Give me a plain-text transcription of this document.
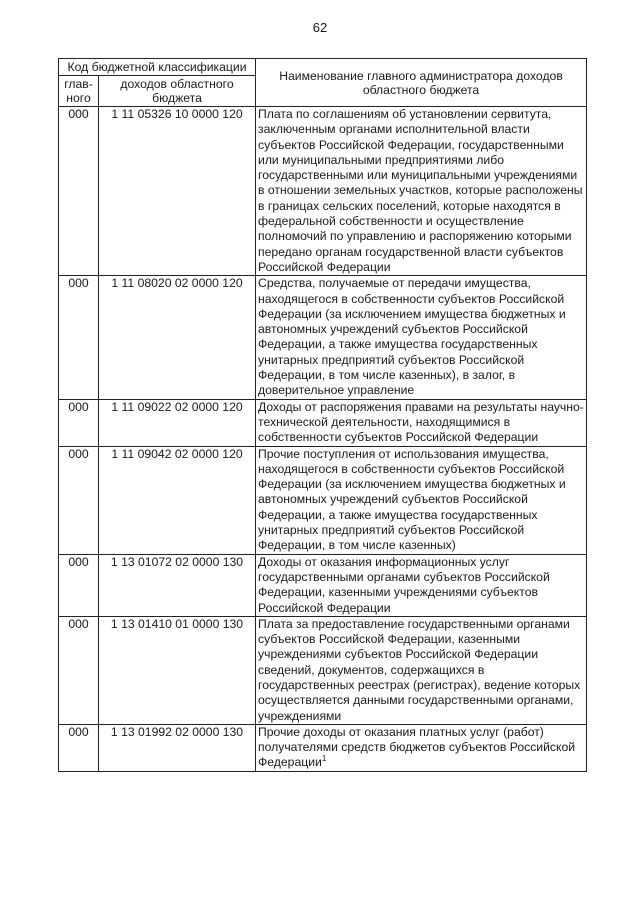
62
Код бюджетной классификации		Наименование главного администратора доходов областного бюджета
глав-ного	доходов областного бюджета	
000	1 11 05326 10 0000 120	Плата по соглашениям об установлении сервитута, заключенным органами исполнительной власти субъектов Российской Федерации, государственными или муниципальными предприятиями либо государственными или муниципальными учреждениями в отношении земельных участков, которые расположены в границах сельских поселений, которые находятся в федеральной собственности и осуществление полномочий по управлению и распоряжению которыми передано органам государственной власти субъектов Российской Федерации
000	1 11 08020 02 0000 120	Средства, получаемые от передачи имущества, находящегося в собственности субъектов Российской Федерации (за исключением имущества бюджетных и автономных учреждений субъектов Российской Федерации, а также имущества государственных унитарных предприятий субъектов Российской Федерации, в том числе казенных), в залог, в доверительное управление
000	1 11 09022 02 0000 120	Доходы от распоряжения правами на результаты научно-технической деятельности, находящимися в собственности субъектов Российской Федерации
000	1 11 09042 02 0000 120	Прочие поступления от использования имущества, находящегося в собственности субъектов Российской Федерации (за исключением имущества бюджетных и автономных учреждений субъектов Российской Федерации, а также имущества государственных унитарных предприятий субъектов Российской Федерации, в том числе казенных)
000	1 13 01072 02 0000 130	Доходы от оказания информационных услуг государственными органами субъектов Российской Федерации, казенными учреждениями субъектов Российской Федерации
000	1 13 01410 01 0000 130	Плата за предоставление государственными органами субъектов Российской Федерации, казенными учреждениями субъектов Российской Федерации сведений, документов, содержащихся в государственных реестрах (регистрах), ведение которых осуществляется данными государственными органами, учреждениями
000	1 13 01992 02 0000 130	Прочие доходы от оказания платных услуг (работ) получателями средств бюджетов субъектов Российской Федерации$^1$
